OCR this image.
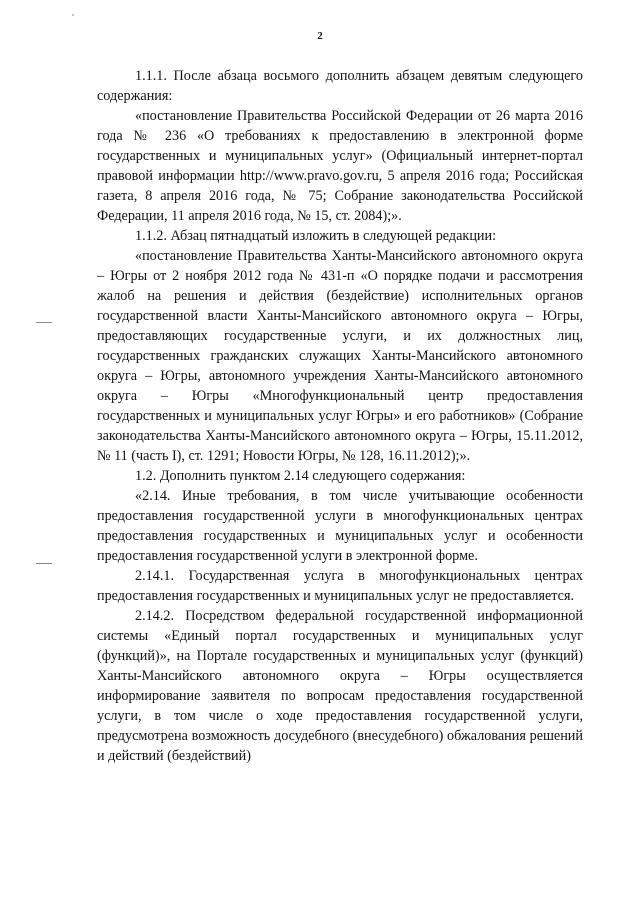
2

1.1.1. После абзаца восьмого дополнить абзацем девятым следующего содержания:

«постановление Правительства Российской Федерации от 26 марта 2016 года № 236 «О требованиях к предоставлению в электронной форме государственных и муниципальных услуг» (Официальный интернет-портал правовой информации http://www.pravo.gov.ru, 5 апреля 2016 года; Российская газета, 8 апреля 2016 года, № 75; Собрание законодательства Российской Федерации, 11 апреля 2016 года, № 15, ст. 2084);».

1.1.2. Абзац пятнадцатый изложить в следующей редакции:

«постановление Правительства Ханты-Мансийского автономного округа – Югры от 2 ноября 2012 года № 431-п «О порядке подачи и рассмотрения жалоб на решения и действия (бездействие) исполнительных органов государственной власти Ханты-Мансийского автономного округа – Югры, предоставляющих государственные услуги, и их должностных лиц, государственных гражданских служащих Ханты-Мансийского автономного округа – Югры, автономного учреждения Ханты-Мансийского автономного округа – Югры «Многофункциональный центр предоставления государственных и муниципальных услуг Югры» и его работников» (Собрание законодательства Ханты-Мансийского автономного округа – Югры, 15.11.2012, № 11 (часть I), ст. 1291; Новости Югры, № 128, 16.11.2012);».

1.2. Дополнить пунктом 2.14 следующего содержания:

«2.14. Иные требования, в том числе учитывающие особенности предоставления государственной услуги в многофункциональных центрах предоставления государственных и муниципальных услуг и особенности предоставления государственной услуги в электронной форме.

2.14.1. Государственная услуга в многофункциональных центрах предоставления государственных и муниципальных услуг не предоставляется.

2.14.2. Посредством федеральной государственной информационной системы «Единый портал государственных и муниципальных услуг (функций)», на Портале государственных и муниципальных услуг (функций) Ханты-Мансийского автономного округа – Югры осуществляется информирование заявителя по вопросам предоставления государственной услуги, в том числе о ходе предоставления государственной услуги, предусмотрена возможность досудебного (внесудебного) обжалования решений и действий (бездействий)
